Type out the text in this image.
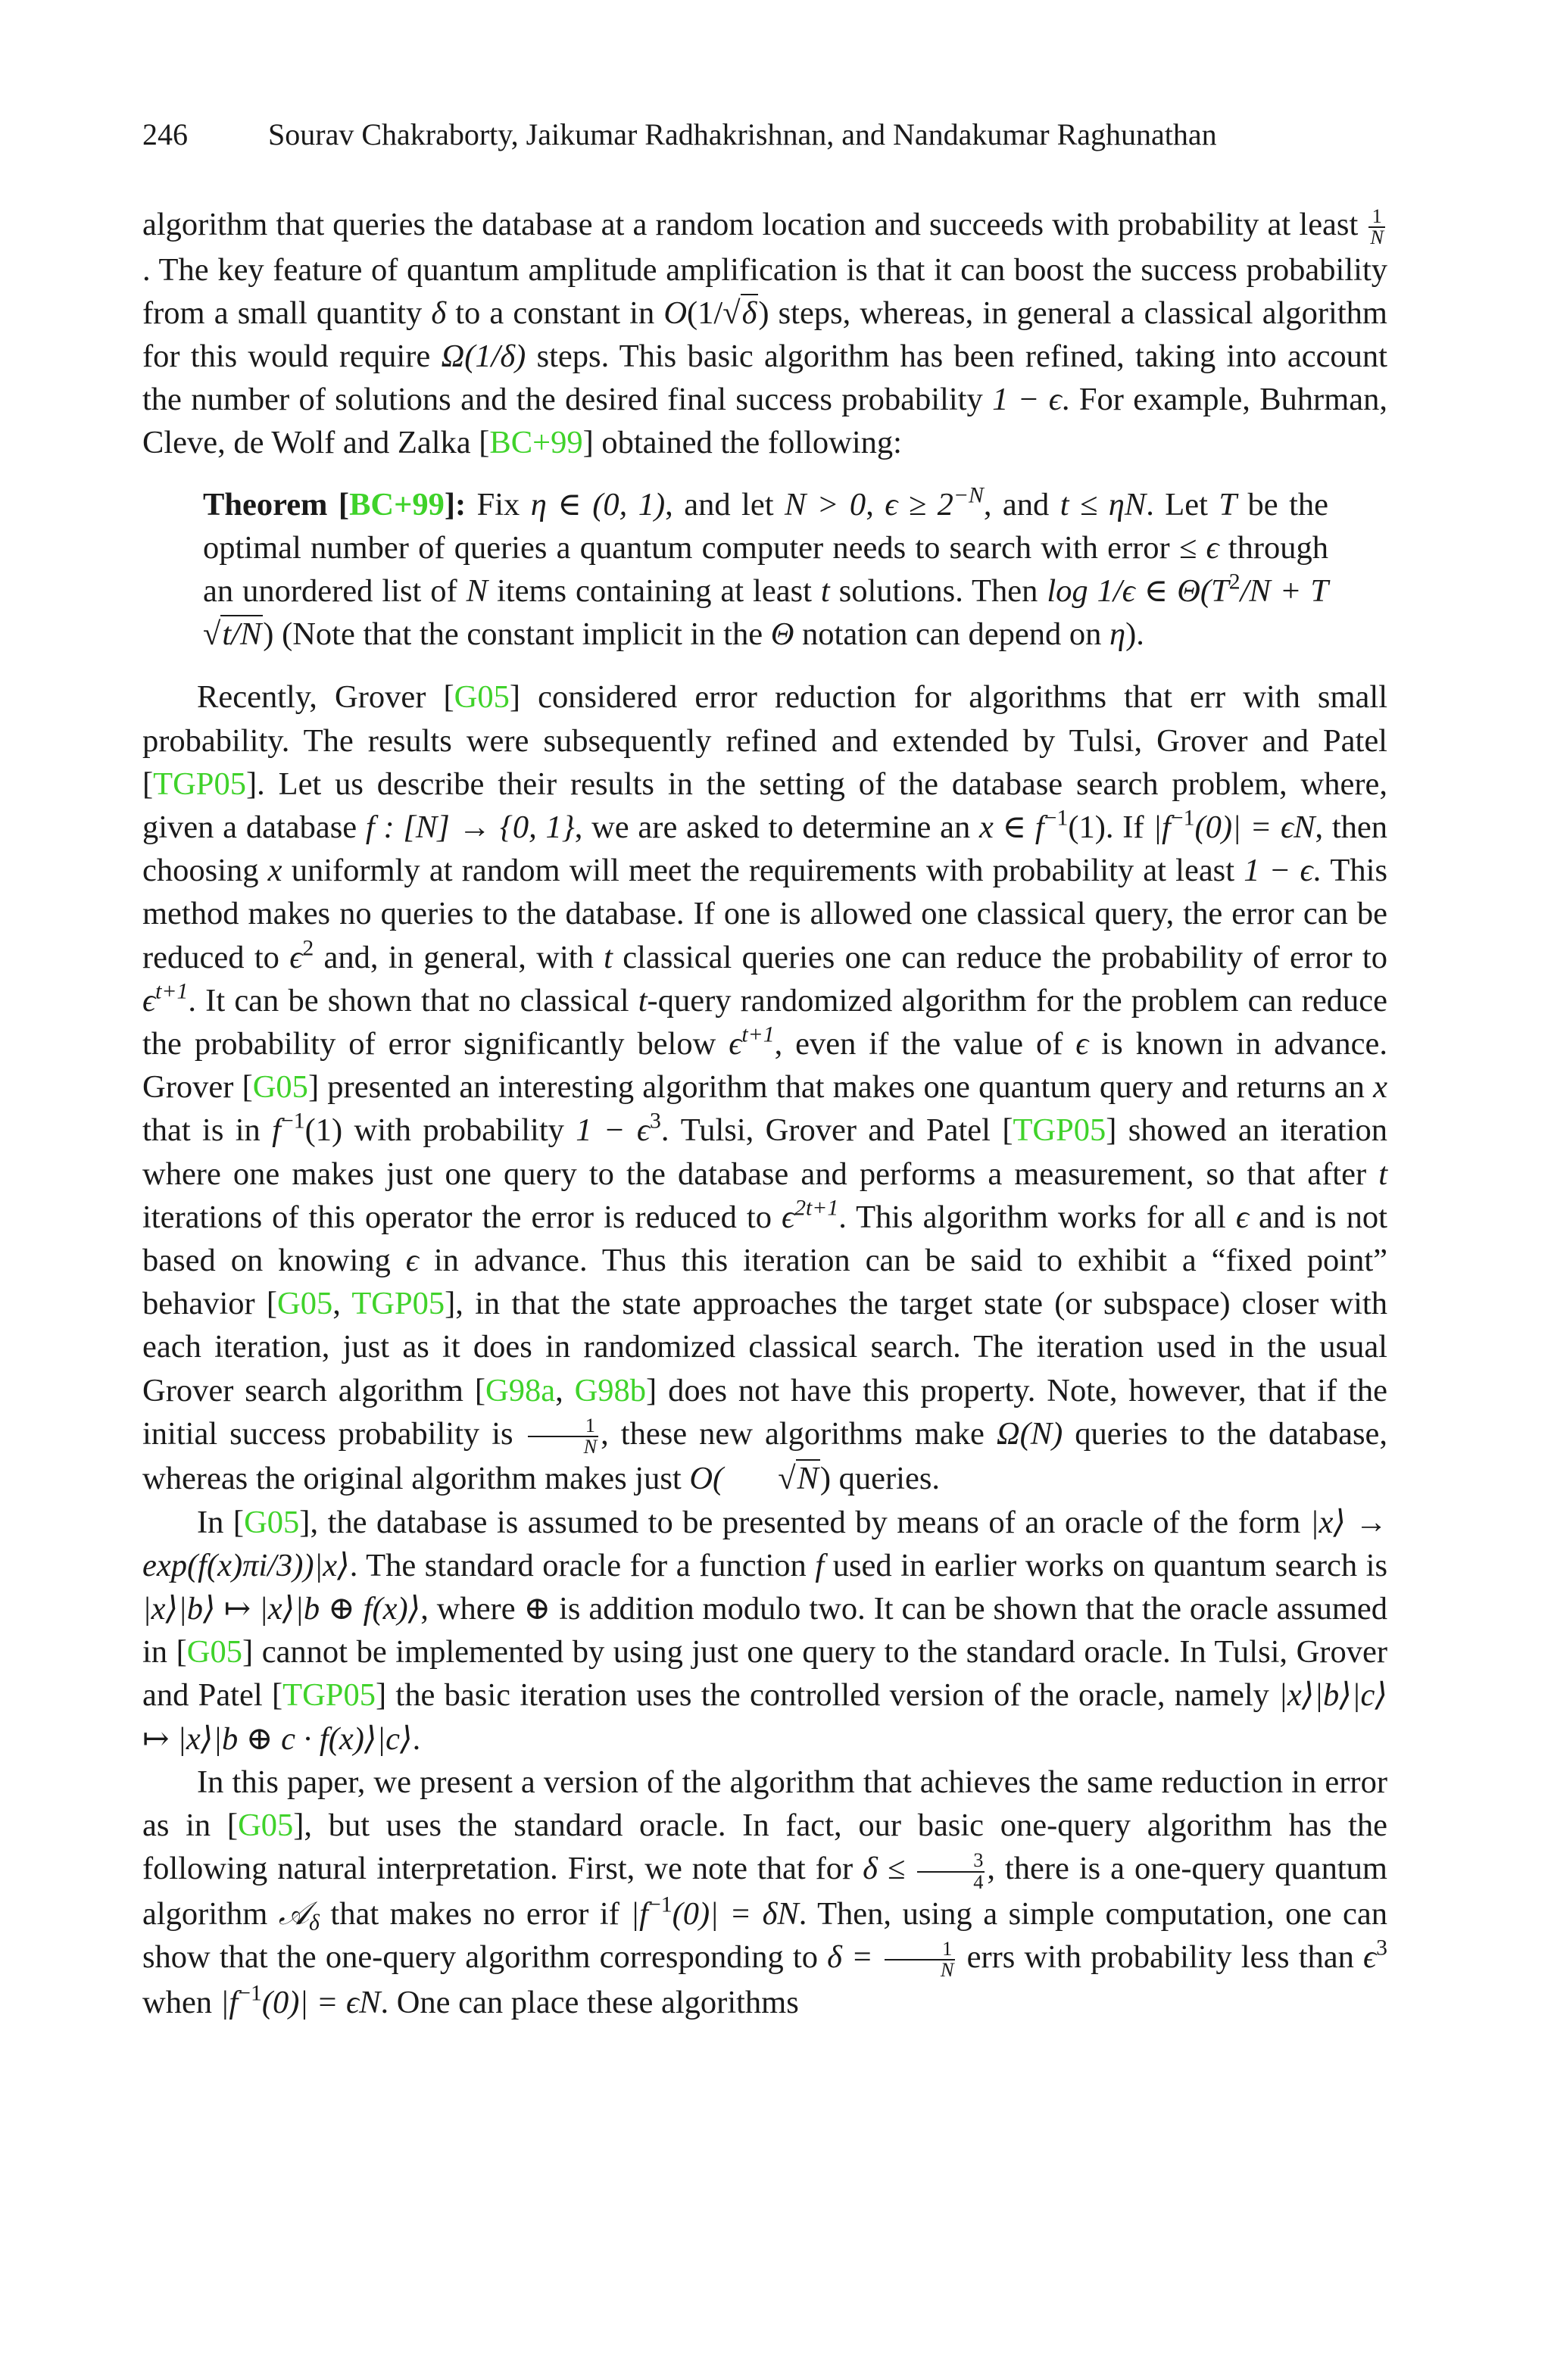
246	Sourav Chakraborty, Jaikumar Radhakrishnan, and Nandakumar Raghunathan

algorithm that queries the database at a random location and succeeds with probability at least $\frac{1}{N}$
. The key feature of quantum amplitude amplification is that it can boost the success probability from a small quantity δ to a constant in O(1/√δ) steps, whereas, in general a classical algorithm for this would require Ω(1/δ) steps. This basic algorithm has been refined, taking into account the number of solutions and the desired final success probability 1 − ϵ. For example, Buhrman, Cleve, de Wolf and Zalka [BC+99] obtained the following:

Theorem [BC+99]: Fix η ∈ (0, 1), and let N > 0, $\epsilon \ge 2^{-N}$, and t ≤ ηN. Let T be the optimal number of queries a quantum computer needs to search with error ≤ ϵ through an unordered list of N items containing at least t solutions. Then log 1/ϵ ∈ $\Theta(T^2/N + T√t/N)$ (Note that the constant implicit in the Θ notation can depend on η).

Recently, Grover [G05] considered error reduction for algorithms that err with small probability. The results were subsequently refined and extended by Tulsi, Grover and Patel [TGP05]. Let us describe their results in the setting of the database search problem, where, given a database f : [N] → {0, 1}, we are asked to determine an x ∈ $f^{-1}(1)$. If $|f^{-1}(0)| = \epsilon N$, then choosing x uniformly at random will meet the requirements with probability at least 1 − ϵ. This method makes no queries to the database. If one is allowed one classical query, the error can be reduced to $\epsilon^2$ and, in general, with t classical queries one can reduce the probability of error to $\epsilon^{t+1}$. It can be shown that no classical t-query randomized algorithm for the problem can reduce the probability of error significantly below $\epsilon^{t+1}$, even if the value of ϵ is known in advance. Grover [G05] presented an interesting algorithm that makes one quantum query and returns an x that is in $f^{-1}(1)$ with probability $1 - \epsilon^3$. Tulsi, Grover and Patel [TGP05] showed an iteration where one makes just one query to the database and performs a measurement, so that after t iterations of this operator the error is reduced to $\epsilon^{2t+1}$. This algorithm works for all ϵ and is not based on knowing ϵ in advance. Thus this iteration can be said to exhibit a “fixed point” behavior [G05, TGP05], in that the state approaches the target state (or subspace) closer with each iteration, just as it does in randomized classical search. The iteration used in the usual Grover search algorithm [G98a, G98b] does not have this property. Note, however, that if the initial success probability is $\frac{1}{N}$ , these new algorithms make Ω(N) queries to the database, whereas the original algorithm makes just O( √N) queries.

In [G05], the database is assumed to be presented by means of an oracle of the form |x⟩ → exp(f(x)πi/3))|x⟩. The standard oracle for a function f used in earlier works on quantum search is |x⟩|b⟩ ↦ |x⟩|b ⊕ f(x)⟩, where ⊕ is addition modulo two. It can be shown that the oracle assumed in [G05] cannot be implemented by using just one query to the standard oracle. In Tulsi, Grover and Patel [TGP05] the basic iteration uses the controlled version of the oracle, namely |x⟩|b⟩|c⟩ ↦ |x⟩|b ⊕ c · f(x)⟩|c⟩.

In this paper, we present a version of the algorithm that achieves the same reduction in error as in [G05], but uses the standard oracle. In fact, our basic one-query algorithm has the following natural interpretation. First, we note that for $\delta \le \frac{3}{4}$ , there is a one-query quantum algorithm 𝒜$_\delta$ that makes no error if $|f^{-1}(0)| = \delta N$. Then, using a simple computation, one can show that the one-query algorithm corresponding to $\delta = \frac{1}{N}$ errs with probability less than $\epsilon^3$ when $|f^{-1}(0)| = \epsilon N$. One can place these algorithms
